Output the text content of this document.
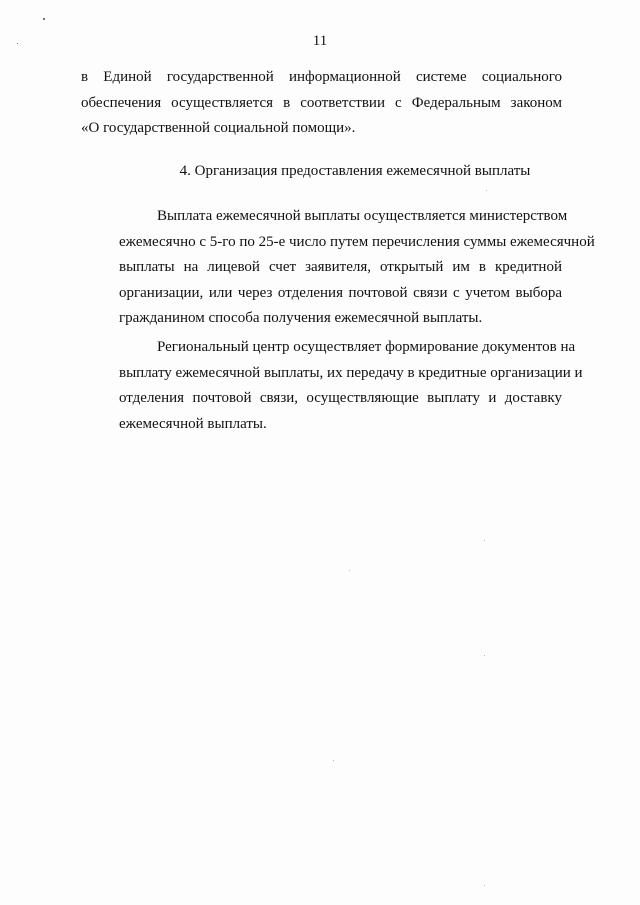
11
в Единой государственной информационной системе социального
обеспечения осуществляется в соответствии с Федеральным законом
«О государственной социальной помощи».
4. Организация предоставления ежемесячной выплаты
Выплата ежемесячной выплаты осуществляется министерством
ежемесячно с 5-го по 25-е число путем перечисления суммы ежемесячной
выплаты на лицевой счет заявителя, открытый им в кредитной
организации, или через отделения почтовой связи с учетом выбора
гражданином способа получения ежемесячной выплаты.
Региональный центр осуществляет формирование документов на
выплату ежемесячной выплаты, их передачу в кредитные организации и
отделения почтовой связи, осуществляющие выплату и доставку
ежемесячной выплаты.
